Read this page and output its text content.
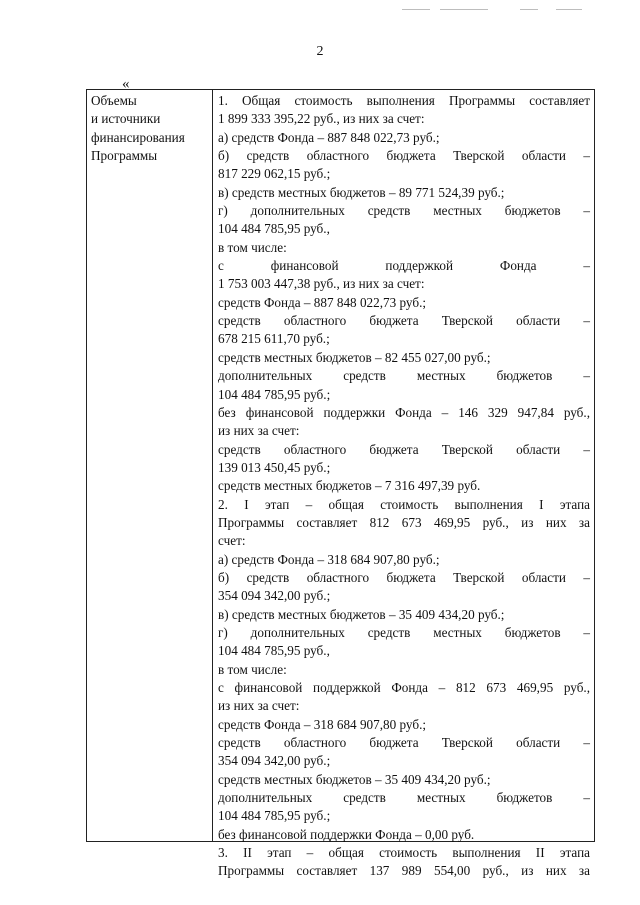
2
«
Объемы
и источники
финансирования
Программы
1. Общая стоимость выполнения Программы составляет
1 899 333 395,22 руб., из них за счет:
а) средств Фонда – 887 848 022,73 руб.;
б) средств областного бюджета Тверской области –
817 229 062,15 руб.;
в) средств местных бюджетов – 89 771 524,39 руб.;
г) дополнительных средств местных бюджетов –
104 484 785,95 руб.,
в том числе:
с финансовой поддержкой Фонда –
1 753 003 447,38 руб., из них за счет:
средств Фонда – 887 848 022,73 руб.;
средств областного бюджета Тверской области –
678 215 611,70 руб.;
средств местных бюджетов – 82 455 027,00 руб.;
дополнительных средств местных бюджетов –
104 484 785,95 руб.;
без финансовой поддержки Фонда – 146 329 947,84 руб.,
из них за счет:
средств областного бюджета Тверской области –
139 013 450,45 руб.;
средств местных бюджетов – 7 316 497,39 руб.
2. I этап – общая стоимость выполнения I этапа
Программы составляет 812 673 469,95 руб., из них за
счет:
а) средств Фонда – 318 684 907,80 руб.;
б) средств областного бюджета Тверской области –
354 094 342,00 руб.;
в) средств местных бюджетов – 35 409 434,20 руб.;
г) дополнительных средств местных бюджетов –
104 484 785,95 руб.,
в том числе:
с финансовой поддержкой Фонда – 812 673 469,95 руб.,
из них за счет:
средств Фонда – 318 684 907,80 руб.;
средств областного бюджета Тверской области –
354 094 342,00 руб.;
средств местных бюджетов – 35 409 434,20 руб.;
дополнительных средств местных бюджетов –
104 484 785,95 руб.;
без финансовой поддержки Фонда – 0,00 руб.
3. II этап – общая стоимость выполнения II этапа
Программы составляет 137 989 554,00 руб., из них за
